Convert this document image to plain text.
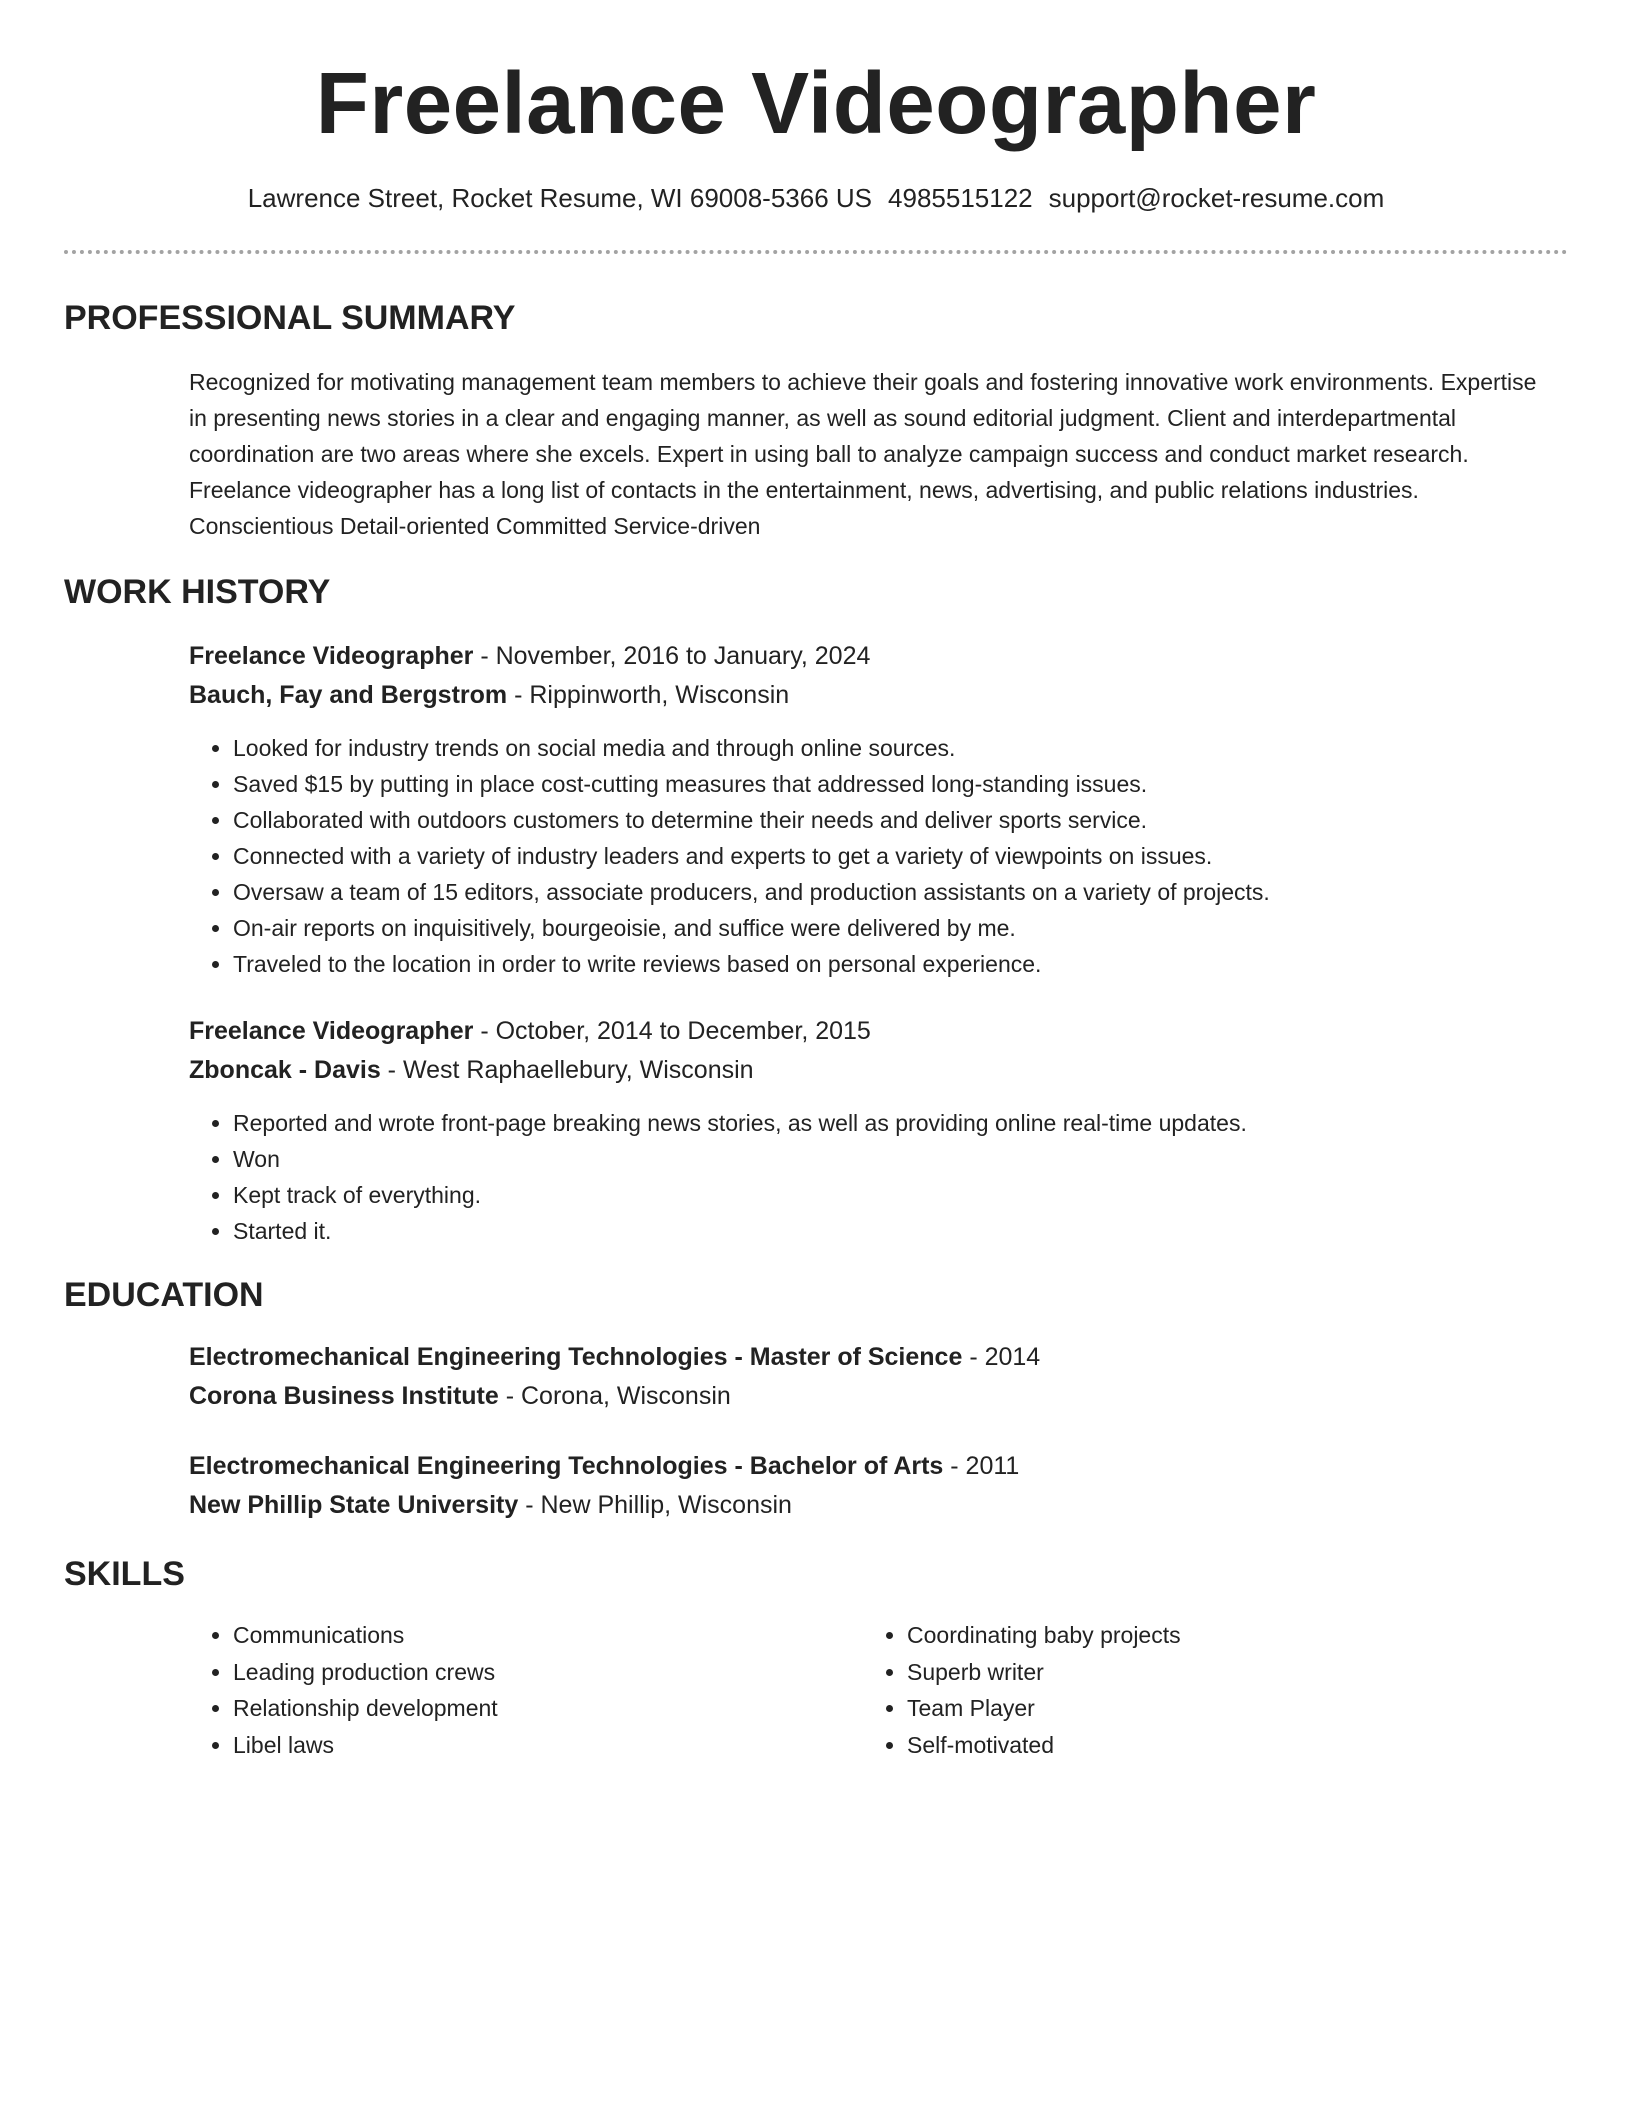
Freelance Videographer
Lawrence Street, Rocket Resume, WI 69008-5366 US 4985515122 support@rocket-resume.com
PROFESSIONAL SUMMARY

Recognized for motivating management team members to achieve their goals and fostering innovative work environments. Expertise in presenting news stories in a clear and engaging manner, as well as sound editorial judgment. Client and interdepartmental coordination are two areas where she excels. Expert in using ball to analyze campaign success and conduct market research. Freelance videographer has a long list of contacts in the entertainment, news, advertising, and public relations industries. Conscientious Detail-oriented Committed Service-driven

WORK HISTORY
Freelance Videographer - November, 2016 to January, 2024
Bauch, Fay and Bergstrom - Rippinworth, Wisconsin
• Looked for industry trends on social media and through online sources.
• Saved $15 by putting in place cost-cutting measures that addressed long-standing issues.
• Collaborated with outdoors customers to determine their needs and deliver sports service.
• Connected with a variety of industry leaders and experts to get a variety of viewpoints on issues.
• Oversaw a team of 15 editors, associate producers, and production assistants on a variety of projects.
• On-air reports on inquisitively, bourgeoisie, and suffice were delivered by me.
• Traveled to the location in order to write reviews based on personal experience.
Freelance Videographer - October, 2014 to December, 2015
Zboncak - Davis - West Raphaellebury, Wisconsin
• Reported and wrote front-page breaking news stories, as well as providing online real-time updates.
• Won
• Kept track of everything.
• Started it.
EDUCATION
Electromechanical Engineering Technologies - Master of Science - 2014
Corona Business Institute - Corona, Wisconsin
Electromechanical Engineering Technologies - Bachelor of Arts - 2011
New Phillip State University - New Phillip, Wisconsin
SKILLS
• Communications
• Leading production crews
• Relationship development
• Libel laws
• Coordinating baby projects
• Superb writer
• Team Player
• Self-motivated
